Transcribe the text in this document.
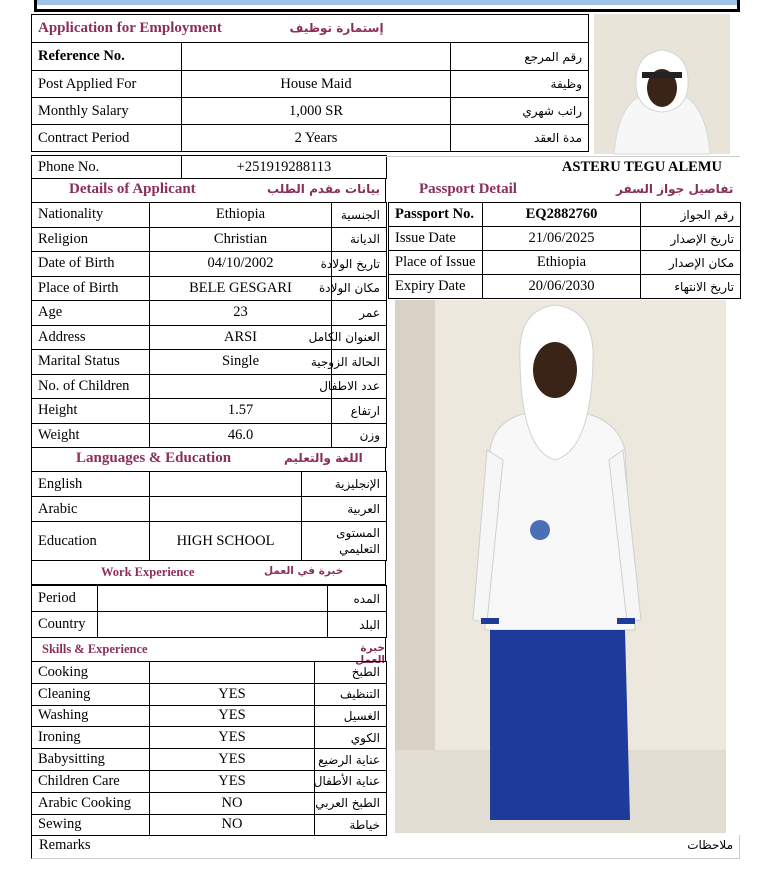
Application for Employment إستمارة توظيف		
Reference No.		رقم المرجع
Post Applied For	House Maid	وظيفة
Monthly Salary	1,000 SR	راتب شهري
Contract Period	2 Years	مدة العقد
Phone No.	+251919288113	ASTERU TEGU ALEMU
Details of Applicant	بيانات مقدم الطلب
Nationality	Ethiopia	الجنسية
Religion	Christian	الديانة
Date of Birth	04/10/2002	تاريخ الولادة
Place of Birth	BELE GESGARI	مكان الولادة
Age	23	عمر
Address	ARSI	العنوان الكامل
Marital Status	Single	الحالة الزوجية
No. of Children		عدد الاطفال
Height	1.57	ارتفاع
Weight	46.0	وزن
Passport Detail	تفاصيل جواز السفر
Passport No.	EQ2882760	رقم الجواز
Issue Date	21/06/2025	تاريخ الإصدار
Place of Issue	Ethiopia	مكان الإصدار
Expiry Date	20/06/2030	تاريخ الانتهاء
Languages & Education	اللغة والتعليم
English		الإنجليزية
Arabic		العربية
Education	HIGH SCHOOL	المستوى التعليمي
Work Experience	خبرة في العمل
Period		المده
Country		البلد
Skills & Experience	خبرة العمل
Cooking		الطبخ
Cleaning	YES	التنظيف
Washing	YES	الغسيل
Ironing	YES	الكوي
Babysitting	YES	عناية الرضيع
Children Care	YES	عناية الأطفال
Arabic Cooking	NO	الطبخ العربي
Sewing	NO	خياطة
Remarks	ملاحظات
